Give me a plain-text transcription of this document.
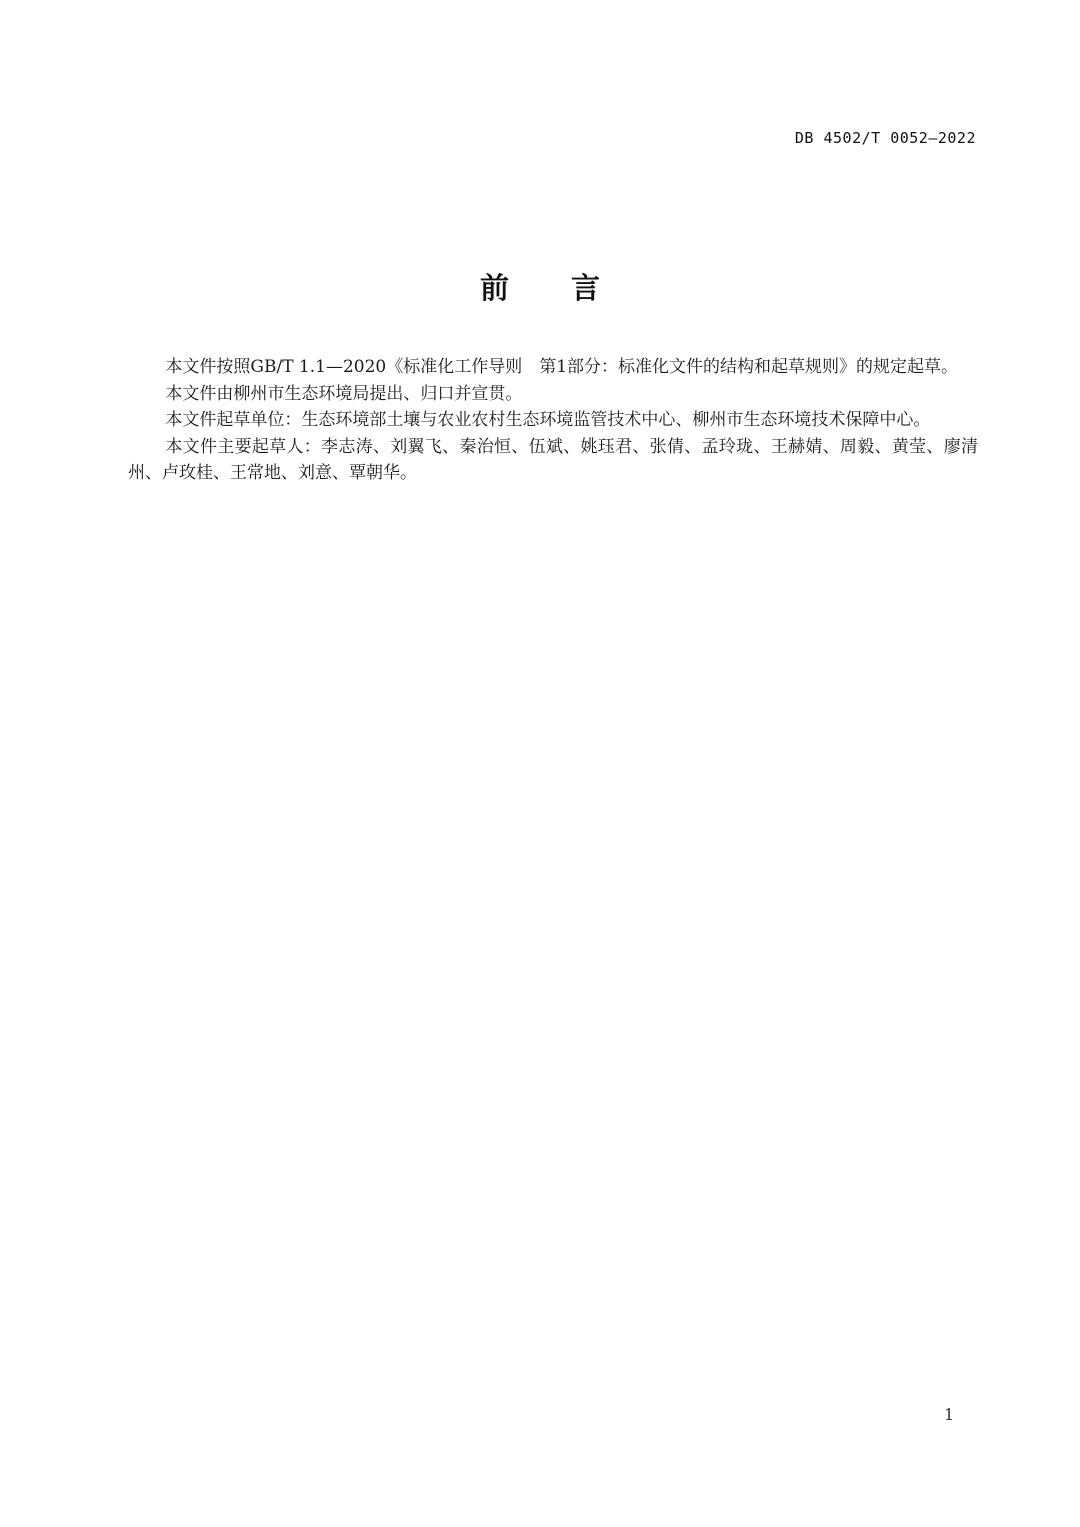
DB 4502/T 0052—2022
前言

本文件按照GB/T 1.1—2020《标准化工作导则　第1部分：标准化文件的结构和起草规则》的规定起草。

本文件由柳州市生态环境局提出、归口并宣贯。

本文件起草单位：生态环境部土壤与农业农村生态环境监管技术中心、柳州市生态环境技术保障中心。

本文件主要起草人：李志涛、刘翼飞、秦治恒、伍斌、姚珏君、张倩、孟玲珑、王赫婧、周毅、黄莹、廖清州、卢玫桂、王常地、刘意、覃朝华。

1
